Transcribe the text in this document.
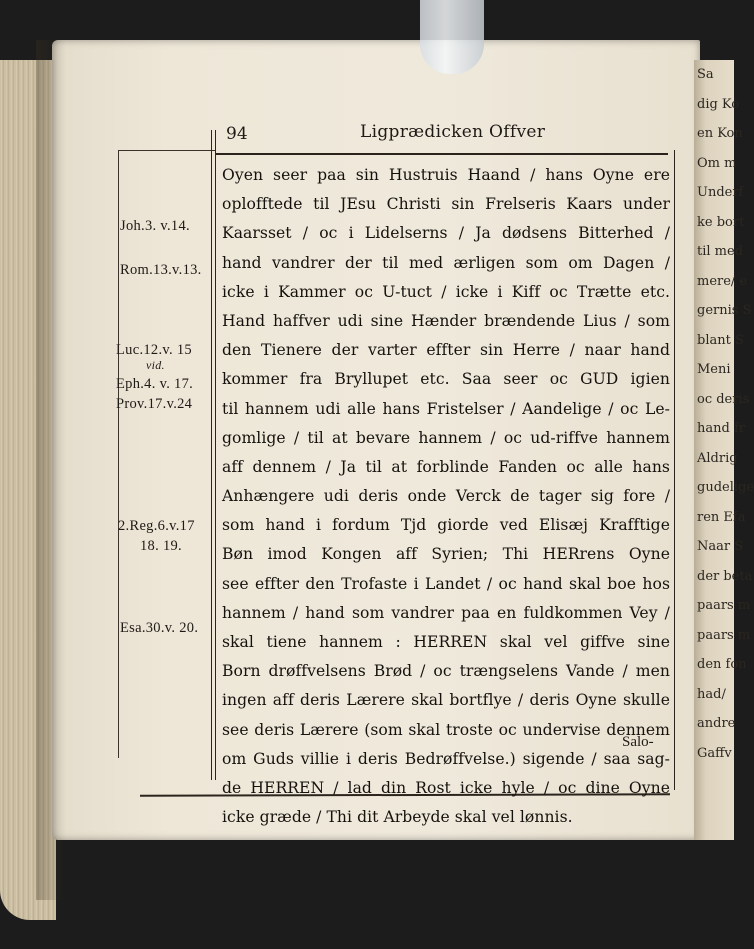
Sa
dig Ko
en Kon
Om m
Underf
ke bort
til med
mere/ e
gernis S
blant S
Meni
oc deris
hand fr
Aldrig
gudelige
ren Efa
Naar S
der beta
paars m
paars m
den fon
had/
andre
Gaffv
94	Ligprædicken Offver
Joh.3. v.14.
Rom.13.v.13.
Luc.12.v. 15
vid.
Eph.4. v. 17.
Prov.17.v.24
2.Reg.6.v.17
18. 19.
Esa.30.v. 20.
Oyen seer paa sin Hustruis Haand / hans Oyne ere
oplofftede til JEsu Christi sin Frelseris Kaars under
Kaarsset / oc i Lidelserns / Ja dødsens Bitterhed /
hand vandrer der til med ærligen som om Dagen /
icke i Kammer oc U-tuct / icke i Kiff oc Trætte etc.
Hand haffver udi sine Hænder brændende Lius / som
den Tienere der varter effter sin Herre / naar hand
kommer fra Bryllupet etc. Saa seer oc GUD igien
til hannem udi alle hans Fristelser / Aandelige / oc Le-
gomlige / til at bevare hannem / oc ud-riffve hannem
aff dennem / Ja til at forblinde Fanden oc alle hans
Anhængere udi deris onde Verck de tager sig fore /
som hand i fordum Tjd giorde ved Elisæj Krafftige
Bøn imod Kongen aff Syrien; Thi HERrens Oyne
see effter den Trofaste i Landet / oc hand skal boe hos
hannem / hand som vandrer paa en fuldkommen Vey /
skal tiene hannem : HERREN skal vel giffve sine
Born drøffvelsens Brød / oc trængselens Vande / men
ingen aff deris Lærere skal bortflye / deris Oyne skulle
see deris Lærere (som skal troste oc undervise dennem
om Guds villie i deris Bedrøffvelse.) sigende / saa sag-
de HERREN / lad din Rost icke hyle / oc dine Oyne
icke græde / Thi dit Arbeyde skal vel lønnis.
Salo-
